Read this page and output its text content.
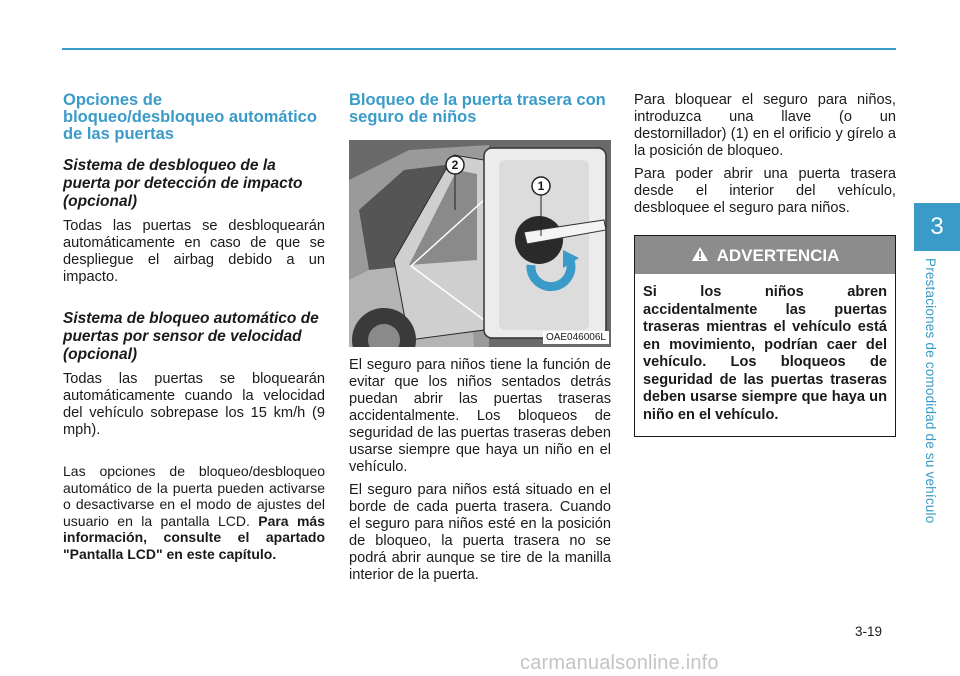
Opciones de bloqueo/desbloqueo automático de las puertas
Sistema de desbloqueo de la puerta por detección de impacto (opcional)

Todas las puertas se desbloquearán automáticamente en caso de que se despliegue el airbag debido a un impacto.

Sistema de bloqueo automático de puertas por sensor de velocidad (opcional)

Todas las puertas se bloquearán automáticamente cuando la velocidad del vehículo sobrepase los 15 km/h (9 mph).

Las opciones de bloqueo/desbloqueo automático de la puerta pueden activarse o desactivarse en el modo de ajustes del usuario en la pantalla LCD. Para más información, consulte el apartado "Pantalla LCD" en este capítulo.

Bloqueo de la puerta trasera con seguro de niños
1
2
OAE046006L

El seguro para niños tiene la función de evitar que los niños sentados detrás puedan abrir las puertas traseras accidentalmente. Los bloqueos de seguridad de las puertas traseras deben usarse siempre que haya un niño en el vehículo.

El seguro para niños está situado en el borde de cada puerta trasera. Cuando el seguro para niños esté en la posición de bloqueo, la puerta trasera no se podrá abrir aunque se tire de la manilla interior de la puerta.

Para bloquear el seguro para niños, introduzca una llave (o un destornillador) (1) en el orificio y gírelo a la posición de bloqueo.

Para poder abrir una puerta trasera desde el interior del vehículo, desbloquee el seguro para niños.

ADVERTENCIA
Si los niños abren accidentalmente las puertas traseras mientras el vehículo está en movimiento, podrían caer del vehículo. Los bloqueos de seguridad de las puertas traseras deben usarse siempre que haya un niño en el vehículo.
3
Prestaciones de comodidad de su vehículo
3-19
carmanualsonline.info
